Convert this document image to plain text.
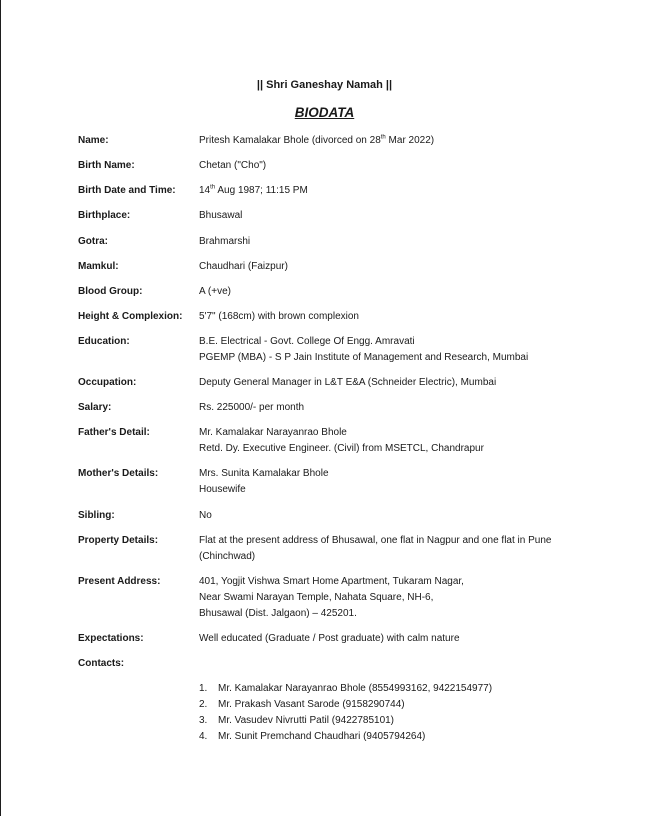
|| Shri Ganeshay Namah ||
BIODATA
Name:	Pritesh Kamalakar Bhole (divorced on 28th Mar 2022)
Birth Name:	Chetan ("Cho")
Birth Date and Time: 14th Aug 1987; 11:15 PM
Birthplace:	Bhusawal
Gotra:	Brahmarshi
Mamkul:	Chaudhari (Faizpur)
Blood Group:	A (+ve)
Height & Complexion: 5'7" (168cm) with brown complexion
Education:	B.E. Electrical - Govt. College Of Engg. Amravati
PGEMP (MBA) - S P Jain Institute of Management and Research, Mumbai
Occupation:	Deputy General Manager in L&T E&A (Schneider Electric), Mumbai
Salary:	Rs. 225000/- per month
Father's Detail:	Mr. Kamalakar Narayanrao Bhole
Retd. Dy. Executive Engineer. (Civil) from MSETCL, Chandrapur
Mother's Details:	Mrs. Sunita Kamalakar Bhole
Housewife
Sibling:	No
Property Details:	Flat at the present address of Bhusawal, one flat in Nagpur and one flat in Pune (Chinchwad)
Present Address:	401, Yogjit Vishwa Smart Home Apartment, Tukaram Nagar,
Near Swami Narayan Temple, Nahata Square, NH-6,
Bhusawal (Dist. Jalgaon) – 425201.
Expectations:	Well educated (Graduate / Post graduate) with calm nature
Contacts:
1. Mr. Kamalakar Narayanrao Bhole (8554993162, 9422154977)
2. Mr. Prakash Vasant Sarode (9158290744)
3. Mr. Vasudev Nivrutti Patil (9422785101)
4. Mr. Sunit Premchand Chaudhari (9405794264)
